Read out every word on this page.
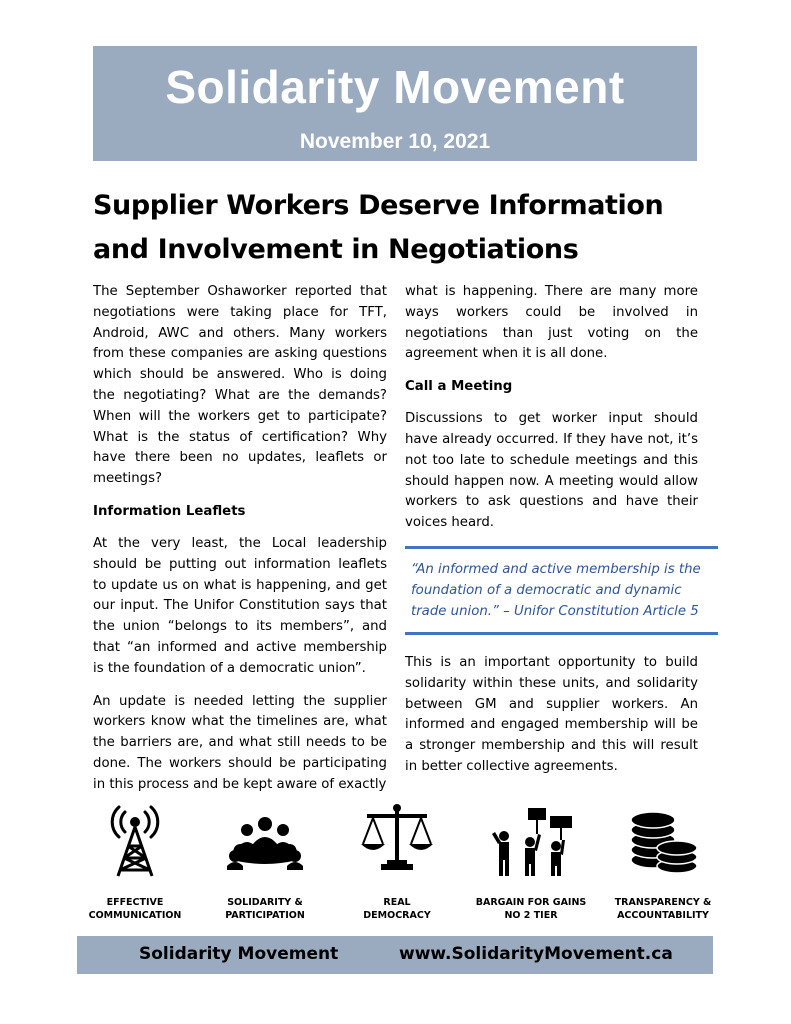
Solidarity Movement
November 10, 2021
Supplier Workers Deserve Information and Involvement in Negotiations

The September Oshaworker reported that negotiations were taking place for TFT, Android, AWC and others. Many workers from these companies are asking questions which should be answered. Who is doing the negotiating? What are the demands? When will the workers get to participate? What is the status of certification? Why have there been no updates, leaflets or meetings?

Information Leaflets

At the very least, the Local leadership should be putting out information leaflets to update us on what is happening, and get our input. The Unifor Constitution says that the union “belongs to its members”, and that “an informed and active membership is the foundation of a democratic union”.

An update is needed letting the supplier workers know what the timelines are, what the barriers are, and what still needs to be done. The workers should be participating in this process and be kept aware of exactly

what is happening. There are many more ways workers could be involved in negotiations than just voting on the agreement when it is all done.

Call a Meeting

Discussions to get worker input should have already occurred. If they have not, it’s not too late to schedule meetings and this should happen now. A meeting would allow workers to ask questions and have their voices heard.

“An informed and active membership is the foundation of a democratic and dynamic trade union.” – Unifor Constitution Article 5

This is an important opportunity to build solidarity within these units, and solidarity between GM and supplier workers. An informed and engaged membership will be a stronger membership and this will result in better collective agreements.

EFFECTIVE
COMMUNICATION
SOLIDARITY &
PARTICIPATION
REAL
DEMOCRACY
BARGAIN FOR GAINS
NO 2 TIER
TRANSPARENCY &
ACCOUNTABILITY
Solidarity Movement	www.SolidarityMovement.ca
